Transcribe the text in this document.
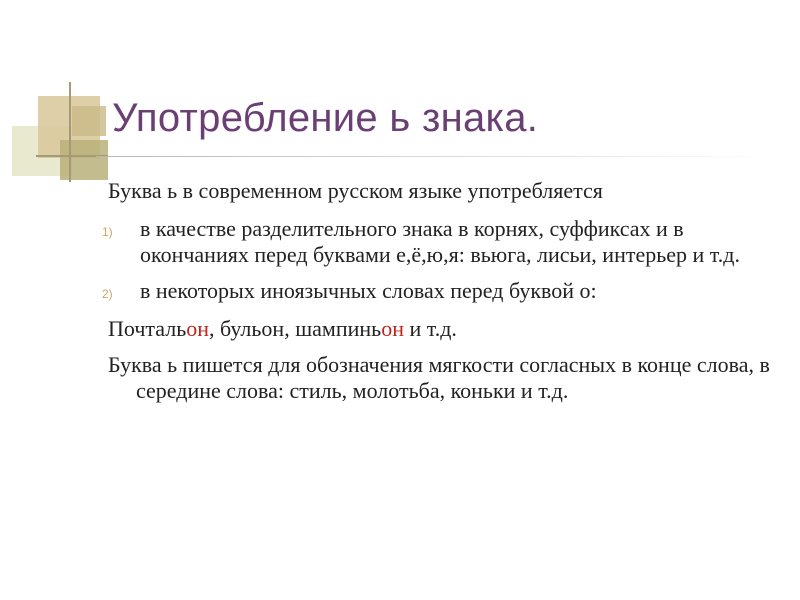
Употребление ь знака.

Буква ь в современном русском языке употребляется

1) в качестве разделительного знака в корнях, суффиксах и в окончаниях перед буквами е,ё,ю,я: вьюга, лисьи, интерьер и т.д.
2) в некоторых иноязычных словах перед буквой о:

Почтальон, бульон, шампиньон и т.д.

Буква ь пишется для обозначения мягкости согласных в конце слова, в середине слова: стиль, молотьба, коньки и т.д.
